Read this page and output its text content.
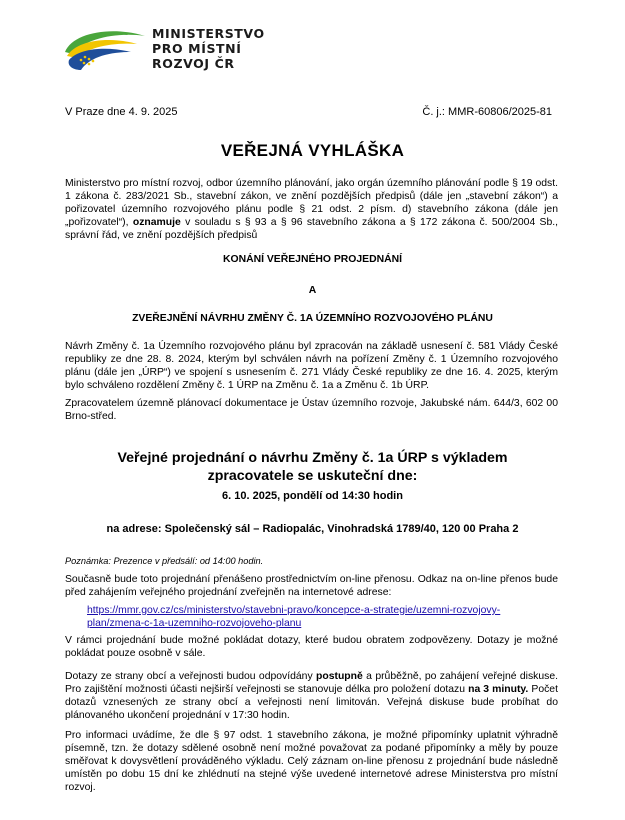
MINISTERSTVO
PRO MÍSTNÍ
ROZVOJ ČR
V Praze dne 4. 9. 2025	Č. j.: MMR-60806/2025-81
VEŘEJNÁ VYHLÁŠKA
Ministerstvo pro místní rozvoj, odbor územního plánování, jako orgán územního plánování podle § 19 odst. 1 zákona č. 283/2021 Sb., stavební zákon, ve znění pozdějších předpisů (dále jen „stavební zákon“) a pořizovatel územního rozvojového plánu podle § 21 odst. 2 písm. d) stavebního zákona (dále jen „pořizovatel“), oznamuje v souladu s § 93 a § 96 stavebního zákona a § 172 zákona č. 500/2004 Sb., správní řád, ve znění pozdějších předpisů
KONÁNÍ VEŘEJNÉHO PROJEDNÁNÍ
A
ZVEŘEJNĚNÍ NÁVRHU ZMĚNY Č. 1A ÚZEMNÍHO ROZVOJOVÉHO PLÁNU
Návrh Změny č. 1a Územního rozvojového plánu byl zpracován na základě usnesení č. 581 Vlády České republiky ze dne 28. 8. 2024, kterým byl schválen návrh na pořízení Změny č. 1 Územního rozvojového plánu (dále jen „ÚRP“) ve spojení s usnesením č. 271 Vlády České republiky ze dne 16. 4. 2025, kterým bylo schváleno rozdělení Změny č. 1 ÚRP na Změnu č. 1a a Změnu č. 1b ÚRP.
Zpracovatelem územně plánovací dokumentace je Ústav územního rozvoje, Jakubské nám. 644/3, 602 00 Brno-střed.
Veřejné projednání o návrhu Změny č. 1a ÚRP s výkladem zpracovatele se uskuteční dne:
6. 10. 2025, pondělí od 14:30 hodin
na adrese: Společenský sál – Radiopalác, Vinohradská 1789/40, 120 00 Praha 2
Poznámka: Prezence v předsálí: od 14:00 hodin.
Současně bude toto projednání přenášeno prostřednictvím on-line přenosu. Odkaz na on-line přenos bude před zahájením veřejného projednání zveřejněn na internetové adrese:
https://mmr.gov.cz/cs/ministerstvo/stavebni-pravo/koncepce-a-strategie/uzemni-rozvojovy-
plan/zmena-c-1a-uzemniho-rozvojoveho-planu
V rámci projednání bude možné pokládat dotazy, které budou obratem zodpovězeny. Dotazy je možné pokládat pouze osobně v sále.
Dotazy ze strany obcí a veřejnosti budou odpovídány postupně a průběžně, po zahájení veřejné diskuse. Pro zajištění možnosti účasti nejširší veřejnosti se stanovuje délka pro položení dotazu na 3 minuty. Počet dotazů vznesených ze strany obcí a veřejnosti není limitován. Veřejná diskuse bude probíhat do plánovaného ukončení projednání v 17:30 hodin.
Pro informaci uvádíme, že dle § 97 odst. 1 stavebního zákona, je možné připomínky uplatnit výhradně písemně, tzn. že dotazy sdělené osobně není možné považovat za podané připomínky a měly by pouze směřovat k dovysvětlení prováděného výkladu. Celý záznam on-line přenosu z projednání bude následně umístěn po dobu 15 dní ke zhlédnutí na stejné výše uvedené internetové adrese Ministerstva pro místní rozvoj.
